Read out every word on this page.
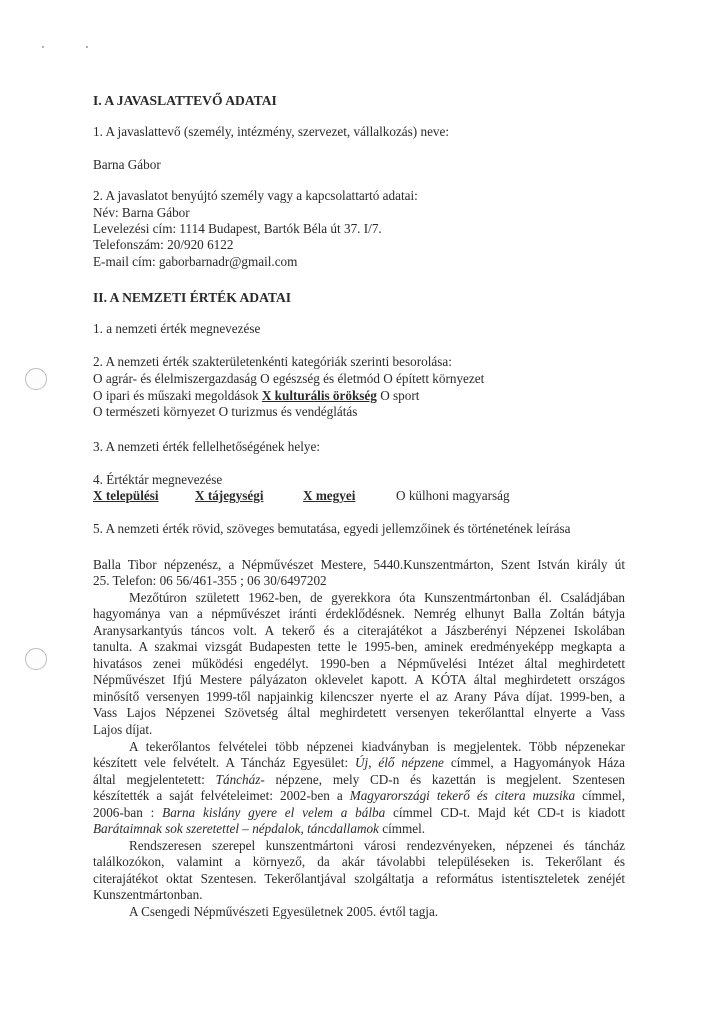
I. A JAVASLATTEVŐ ADATAI
1. A javaslattevő (személy, intézmény, szervezet, vállalkozás) neve:
Barna Gábor
2. A javaslatot benyújtó személy vagy a kapcsolattartó adatai:
Név: Barna Gábor
Levelezési cím: 1114 Budapest, Bartók Béla út 37. I/7.
Telefonszám: 20/920 6122
E-mail cím: gaborbarnadr@gmail.com
II. A NEMZETI ÉRTÉK ADATAI
1. a nemzeti érték megnevezése
2. A nemzeti érték szakterületenkénti kategóriák szerinti besorolása:
O agrár- és élelmiszergazdaság O egészség és életmód O épített környezet
O ipari és műszaki megoldások X kulturális örökség O sport
O természeti környezet O turizmus és vendéglátás
3. A nemzeti érték fellelhetőségének helye:
4. Értéktár megnevezése
X települési	X tájegységi	X megyei	O külhoni magyarság
5. A nemzeti érték rövid, szöveges bemutatása, egyedi jellemzőinek és történetének leírása
Balla Tibor népzenész, a Népművészet Mestere, 5440.Kunszentmárton, Szent István király út
25. Telefon: 06 56/461-355 ; 06 30/6497202
Mezőtúron született 1962-ben, de gyerekkora óta Kunszentmártonban él. Családjában
hagyománya van a népművészet iránti érdeklődésnek. Nemrég elhunyt Balla Zoltán bátyja
Aranysarkantyús táncos volt. A tekerő és a citerajátékot a Jászberényi Népzenei Iskolában
tanulta. A szakmai vizsgát Budapesten tette le 1995-ben, aminek eredményeképp megkapta a
hivatásos zenei működési engedélyt. 1990-ben a Népművelési Intézet által meghirdetett
Népművészet Ifjú Mestere pályázaton oklevelet kapott. A KÓTA által meghirdetett országos
minősítő versenyen 1999-től napjainkig kilencszer nyerte el az Arany Páva díjat. 1999-ben, a
Vass Lajos Népzenei Szövetség által meghirdetett versenyen tekerőlanttal elnyerte a Vass
Lajos díjat.
A tekerőlantos felvételei több népzenei kiadványban is megjelentek. Több népzenekar
készített vele felvételt. A Táncház Egyesület: Új, élő népzene címmel, a Hagyományok Háza
által megjelentetett: Táncház- népzene, mely CD-n és kazettán is megjelent. Szentesen
készítették a saját felvételeimet: 2002-ben a Magyarországi tekerő és citera muzsika címmel,
2006-ban : Barna kislány gyere el velem a bálba címmel CD-t. Majd két CD-t is kiadott
Barátaimnak sok szeretettel – népdalok, táncdallamok címmel.
Rendszeresen szerepel kunszentmártoni városi rendezvényeken, népzenei és táncház
találkozókon, valamint a környező, da akár távolabbi településeken is. Tekerőlant és
citerajátékot oktat Szentesen. Tekerőlantjával szolgáltatja a református istentiszteletek zenéjét
Kunszentmártonban.
A Csengedi Népművészeti Egyesületnek 2005. évtől tagja.
